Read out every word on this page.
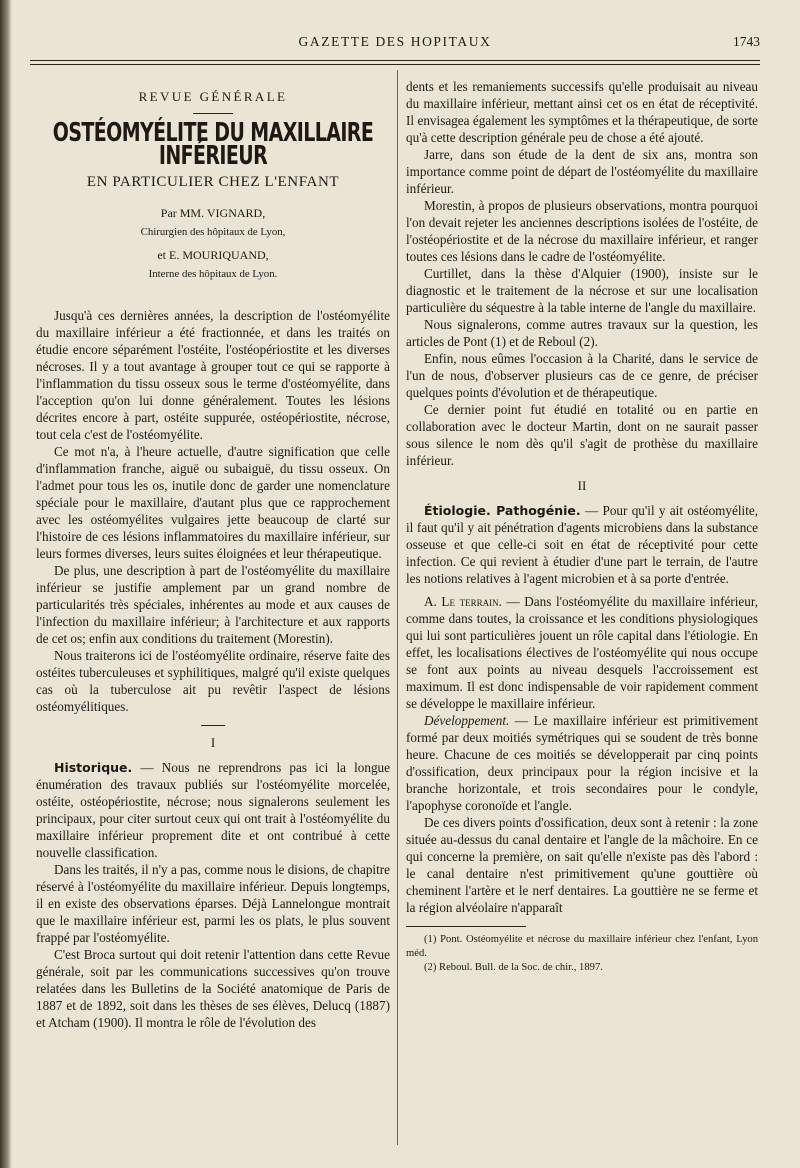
GAZETTE DES HOPITAUX	1743
REVUE GÉNÉRALE
OSTÉOMYÉLITE DU MAXILLAIRE INFÉRIEUR
EN PARTICULIER CHEZ L'ENFANT
Par MM. VIGNARD,
Chirurgien des hôpitaux de Lyon,
et E. MOURIQUAND,
Interne des hôpitaux de Lyon.

Jusqu'à ces dernières années, la description de l'ostéomyélite du maxillaire inférieur a été fractionnée, et dans les traités on étudie encore séparément l'ostéite, l'ostéopériostite et les diverses nécroses. Il y a tout avantage à grouper tout ce qui se rapporte à l'inflammation du tissu osseux sous le terme d'ostéomyélite, dans l'acception qu'on lui donne généralement. Toutes les lésions décrites encore à part, ostéite suppurée, ostéopériostite, nécrose, tout cela c'est de l'ostéomyélite.

Ce mot n'a, à l'heure actuelle, d'autre signification que celle d'inflammation franche, aiguë ou subaiguë, du tissu osseux. On l'admet pour tous les os, inutile donc de garder une nomenclature spéciale pour le maxillaire, d'autant plus que ce rapprochement avec les ostéomyélites vulgaires jette beaucoup de clarté sur l'histoire de ces lésions inflammatoires du maxillaire inférieur, sur leurs formes diverses, leurs suites éloignées et leur thérapeutique.

De plus, une description à part de l'ostéomyélite du maxillaire inférieur se justifie amplement par un grand nombre de particularités très spéciales, inhérentes au mode et aux causes de l'infection du maxillaire inférieur; à l'architecture et aux rapports de cet os; enfin aux conditions du traitement (Morestin).

Nous traiterons ici de l'ostéomyélite ordinaire, réserve faite des ostéites tuberculeuses et syphilitiques, malgré qu'il existe quelques cas où la tuberculose ait pu revêtir l'aspect de lésions ostéomyélitiques.

I

Historique. — Nous ne reprendrons pas ici la longue énumération des travaux publiés sur l'ostéomyélite morcelée, ostéite, ostéopériostite, nécrose; nous signalerons seulement les principaux, pour citer surtout ceux qui ont trait à l'ostéomyélite du maxillaire inférieur proprement dite et ont contribué à cette nouvelle classification.

Dans les traités, il n'y a pas, comme nous le disions, de chapitre réservé à l'ostéomyélite du maxillaire inférieur. Depuis longtemps, il en existe des observations éparses. Déjà Lannelongue montrait que le maxillaire inférieur est, parmi les os plats, le plus souvent frappé par l'ostéomyélite.

C'est Broca surtout qui doit retenir l'attention dans cette Revue générale, soit par les communications successives qu'on trouve relatées dans les Bulletins de la Société anatomique de Paris de 1887 et de 1892, soit dans les thèses de ses élèves, Delucq (1887) et Atcham (1900). Il montra le rôle de l'évolution des

dents et les remaniements successifs qu'elle produisait au niveau du maxillaire inférieur, mettant ainsi cet os en état de réceptivité. Il envisagea également les symptômes et la thérapeutique, de sorte qu'à cette description générale peu de chose a été ajouté.

Jarre, dans son étude de la dent de six ans, montra son importance comme point de départ de l'ostéomyélite du maxillaire inférieur.

Morestin, à propos de plusieurs observations, montra pourquoi l'on devait rejeter les anciennes descriptions isolées de l'ostéite, de l'ostéopériostite et de la nécrose du maxillaire inférieur, et ranger toutes ces lésions dans le cadre de l'ostéomyélite.

Curtillet, dans la thèse d'Alquier (1900), insiste sur le diagnostic et le traitement de la nécrose et sur une localisation particulière du séquestre à la table interne de l'angle du maxillaire.

Nous signalerons, comme autres travaux sur la question, les articles de Pont (1) et de Reboul (2).

Enfin, nous eûmes l'occasion à la Charité, dans le service de l'un de nous, d'observer plusieurs cas de ce genre, de préciser quelques points d'évolution et de thérapeutique.

Ce dernier point fut étudié en totalité ou en partie en collaboration avec le docteur Martin, dont on ne saurait passer sous silence le nom dès qu'il s'agit de prothèse du maxillaire inférieur.

II

Étiologie. Pathogénie. — Pour qu'il y ait ostéomyélite, il faut qu'il y ait pénétration d'agents microbiens dans la substance osseuse et que celle-ci soit en état de réceptivité pour cette infection. Ce qui revient à étudier d'une part le terrain, de l'autre les notions relatives à l'agent microbien et à sa porte d'entrée.

A. Le terrain. — Dans l'ostéomyélite du maxillaire inférieur, comme dans toutes, la croissance et les conditions physiologiques qui lui sont particulières jouent un rôle capital dans l'étiologie. En effet, les localisations électives de l'ostéomyélite qui nous occupe se font aux points au niveau desquels l'accroissement est maximum. Il est donc indispensable de voir rapidement comment se développe le maxillaire inférieur.

Développement. — Le maxillaire inférieur est primitivement formé par deux moitiés symétriques qui se soudent de très bonne heure. Chacune de ces moitiés se développerait par cinq points d'ossification, deux principaux pour la région incisive et la branche horizontale, et trois secondaires pour le condyle, l'apophyse coronoïde et l'angle.

De ces divers points d'ossification, deux sont à retenir : la zone située au-dessus du canal dentaire et l'angle de la mâchoire. En ce qui concerne la première, on sait qu'elle n'existe pas dès l'abord : le canal dentaire n'est primitivement qu'une gouttière où cheminent l'artère et le nerf dentaires. La gouttière ne se ferme et la région alvéolaire n'apparaît

(1) Pont. Ostéomyélite et nécrose du maxillaire inférieur chez l'enfant, Lyon méd.

(2) Reboul. Bull. de la Soc. de chir., 1897.
